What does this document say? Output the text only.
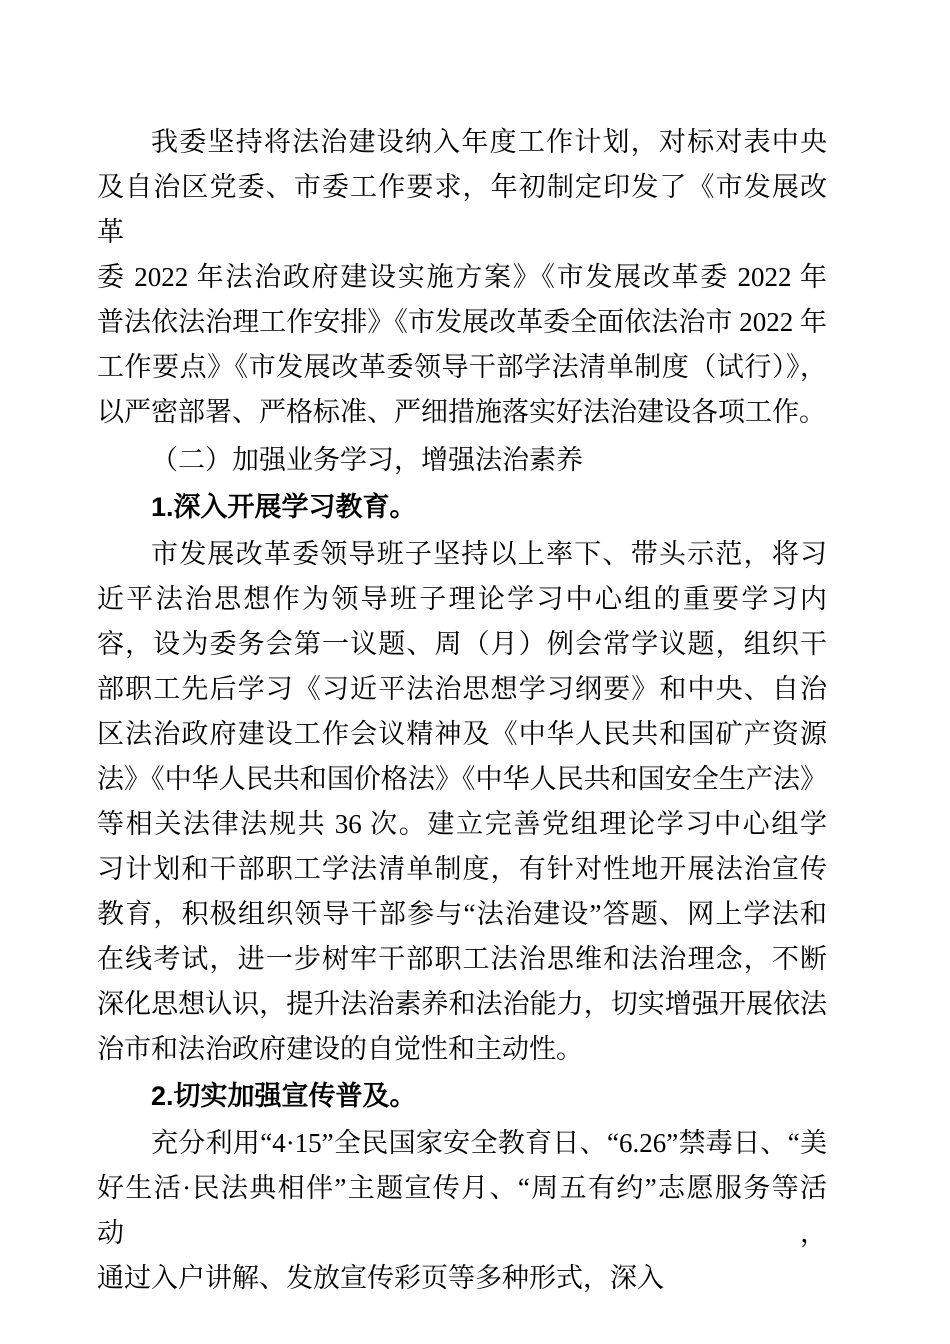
我委坚持将法治建设纳入年度工作计划，对标对表中央
及自治区党委、市委工作要求，年初制定印发了《市发展改 革
委 2022 年法治政府建设实施方案》《市发展改革委 2022 年
普法依法治理工作安排》《市发展改革委全面依法治市 2022 年
工作要点》《市发展改革委领导干部学法清单制度（试行）》，
以严密部署、严格标准、严细措施落实好法治建设各项工作。
（二）加强业务学习，增强法治素养
1.深入开展学习教育。
市发展改革委领导班子坚持以上率下、带头示范，将习
近平法治思想作为领导班子理论学习中心组的重要学习内
容，设为委务会第一议题、周（月）例会常学议题，组织干
部职工先后学习《习近平法治思想学习纲要》和中央、自治
区法治政府建设工作会议精神及《中华人民共和国矿产资源
法》《中华人民共和国价格法》《中华人民共和国安全生产法》
等相关法律法规共 36 次。建立完善党组理论学习中心组学
习计划和干部职工学法清单制度，有针对性地开展法治宣传
教育，积极组织领导干部参与“法治建设”答题、网上学法和
在线考试，进一步树牢干部职工法治思维和法治理念，不断
深化思想认识，提升法治素养和法治能力，切实增强开展依法
治市和法治政府建设的自觉性和主动性。
2.切实加强宣传普及。
充分利用“4·15”全民国家安全教育日、“6.26”禁毒日、“美
好生活·民法典相伴”主题宣传月、“周五有约”志愿服务等活动，
通过入户讲解、发放宣传彩页等多种形式，深入
